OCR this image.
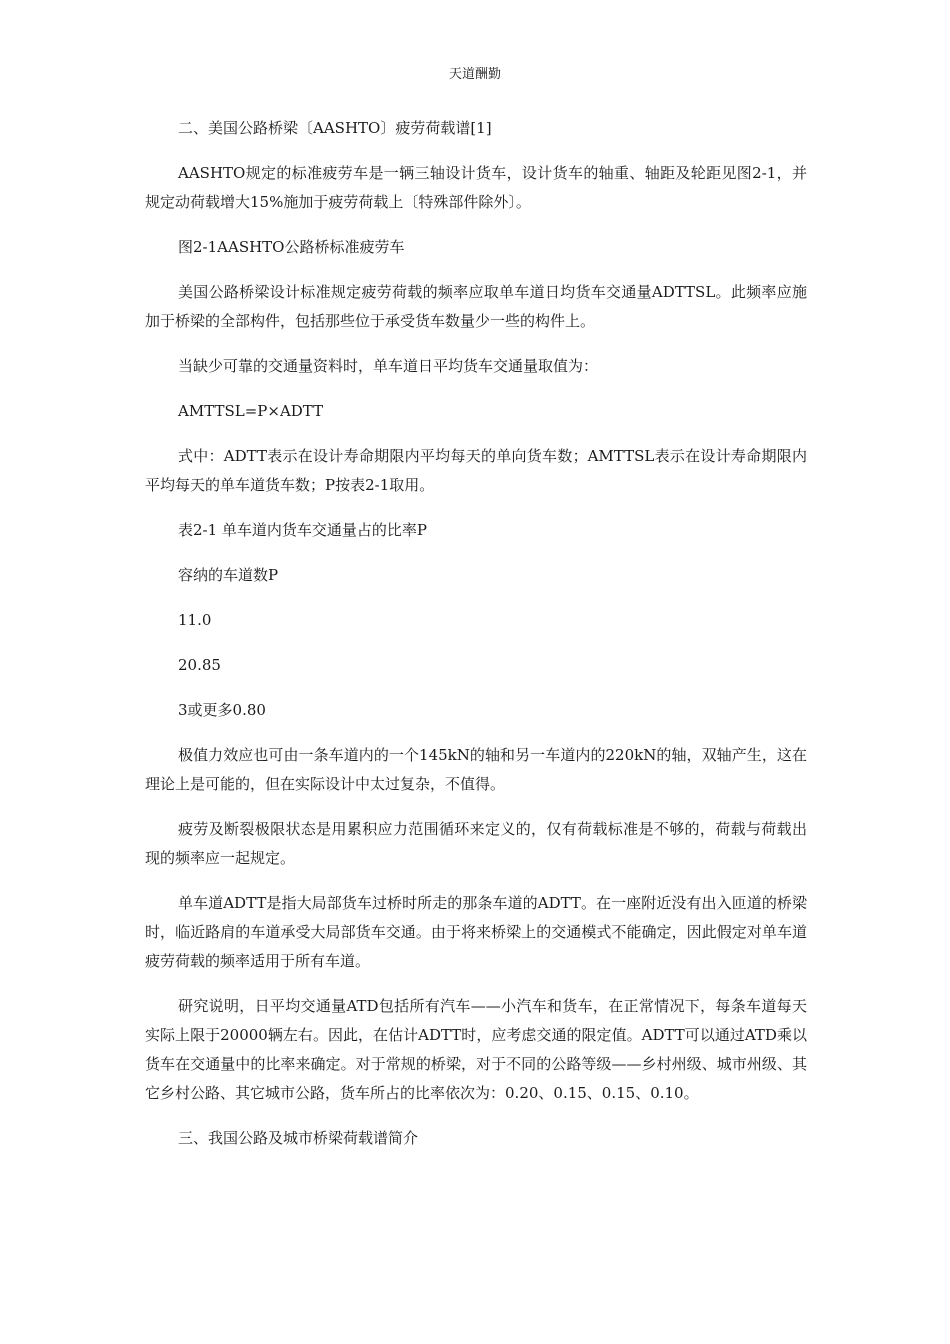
天道酬勤

二、美国公路桥梁〔AASHTO〕疲劳荷载谱[1]

AASHTO规定的标准疲劳车是一辆三轴设计货车，设计货车的轴重、轴距及轮距见图2-1，并规定动荷载增大15%施加于疲劳荷载上〔特殊部件除外〕。

图2-1AASHTO公路桥标准疲劳车

美国公路桥梁设计标准规定疲劳荷载的频率应取单车道日均货车交通量ADTTSL。此频率应施加于桥梁的全部构件，包括那些位于承受货车数量少一些的构件上。

当缺少可靠的交通量资料时，单车道日平均货车交通量取值为：

AMTTSL=P×ADTT

式中：ADTT表示在设计寿命期限内平均每天的单向货车数；AMTTSL表示在设计寿命期限内平均每天的单车道货车数；P按表2-1取用。

表2-1 单车道内货车交通量占的比率P

容纳的车道数P

11.0

20.85

3或更多0.80

极值力效应也可由一条车道内的一个145kN的轴和另一车道内的220kN的轴，双轴产生，这在理论上是可能的，但在实际设计中太过复杂，不值得。

疲劳及断裂极限状态是用累积应力范围循环来定义的，仅有荷载标准是不够的，荷载与荷载出现的频率应一起规定。

单车道ADTT是指大局部货车过桥时所走的那条车道的ADTT。在一座附近没有出入匝道的桥梁时，临近路肩的车道承受大局部货车交通。由于将来桥梁上的交通模式不能确定，因此假定对单车道疲劳荷载的频率适用于所有车道。

研究说明，日平均交通量ATD包括所有汽车——小汽车和货车，在正常情况下，每条车道每天实际上限于20000辆左右。因此，在估计ADTT时，应考虑交通的限定值。ADTT可以通过ATD乘以货车在交通量中的比率来确定。对于常规的桥梁，对于不同的公路等级——乡村州级、城市州级、其它乡村公路、其它城市公路，货车所占的比率依次为：0.20、0.15、0.15、0.10。

三、我国公路及城市桥梁荷载谱简介
